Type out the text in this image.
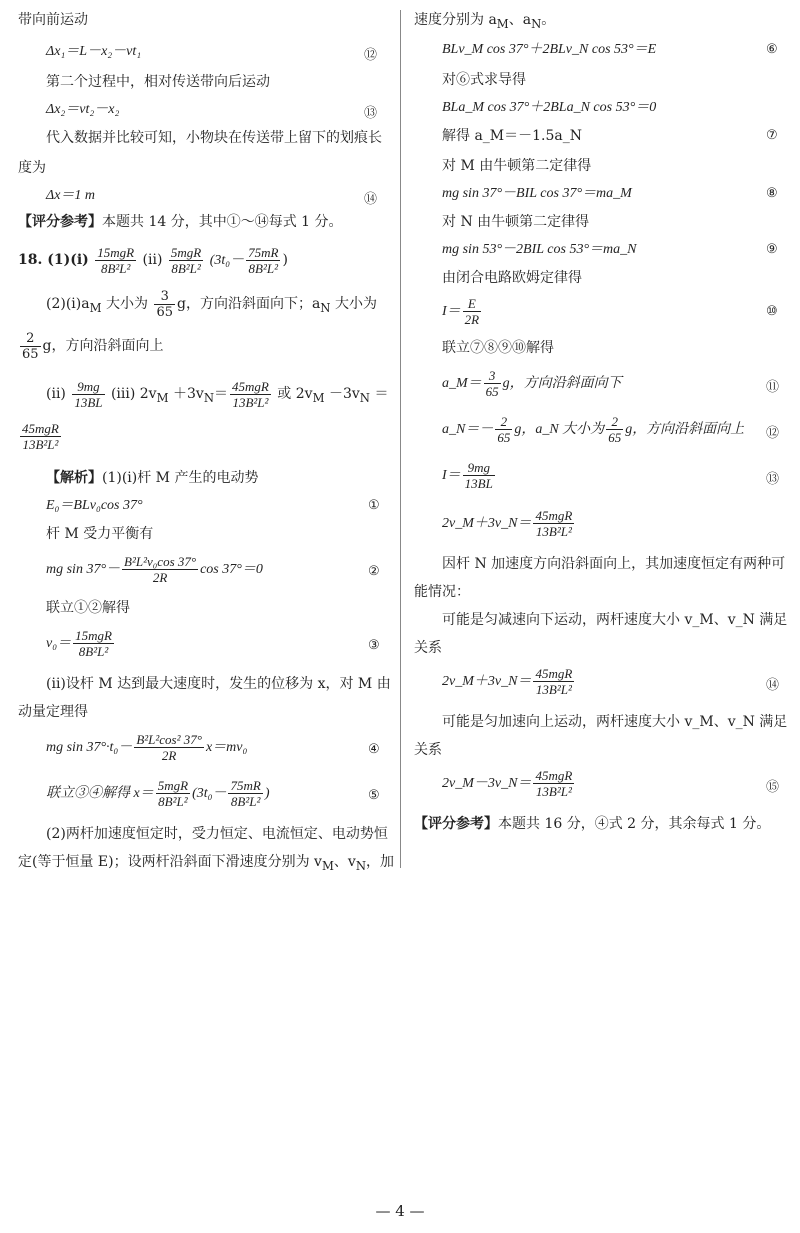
带向前运动
Δx₁＝L－x₂－vt₁	⑫
第二个过程中，相对传送带向后运动
Δx₂＝vt₂－x₂	⑬
代入数据并比较可知，小物块在传送带上留下的划痕长
度为
Δx＝1 m	⑭
【评分参考】本题共 14 分，其中①～⑭每式 1 分。
18. (1)(ⅰ) $\frac{\text{15mgR}}{\text{8B²L²}}$ (ⅱ) $\frac{\text{5mgR}}{\text{8B²L²}} (3t_0- \frac{75mR}{\text{8B²L²}}$ )
$(2)(ⅰ)a_M$ 大小为 $\frac{3}{65}$ g，方向沿斜面向下；$a_N$ 大小为
$\frac{2}{65}$ g，方向沿斜面向上
(ⅱ) $\frac{9mg}{13BL}$ (ⅲ) $2v_M +3v_N= \frac{\text{45mgR}}{\text{13B²L²}}$ 或 $2v_M -3v_N$ ＝
$\frac{\text{45mgR}}{\text{13B²L²}}$
【解析】(1)(ⅰ)杆 M 产生的电动势
E₀＝BLv₀cos 37°	①
杆 M 受力平衡有
mg $\sin 37^\circ- \frac{\text{B²L²v₀cos 37°}}{2R}$ cos 37°＝0	②
联立①②解得
$v_0= \frac{\text{15mgR}}{\text{8B²L²}}$	③
(ⅱ)设杆 M 达到最大速度时，发生的位移为 x，对 M 由
动量定理得
mg $\sin 37^\circ\cdot t_0- \frac{\text{B²L²cos² 37°}}{2R} x=mv_0$	④
联立③④解得 $x= \frac{\text{5mgR}}{\text{8B²L²}} (3t_0- \frac{75mR}{\text{8B²L²}}$ )	⑤
(2)两杆加速度恒定时，受力恒定、电流恒定、电动势恒
定(等于恒量 E)；设两杆沿斜面下滑速度分别为 $v_M$、$v_N$，加
速度分别为 $a_M$、$a_N$。
BLv_M cos 37°＋2BLv_N cos 53°＝E	⑥
对⑥式求导得
BLa_M cos 37°＋2BLa_N cos 53°＝0
解得 a_M＝－1.5a_N	⑦
对 M 由牛顿第二定律得
mg sin 37°－BIL cos 37°＝ma_M	⑧
对 N 由牛顿第二定律得
mg sin 53°－2BIL cos 53°＝ma_N	⑨
由闭合电路欧姆定律得
$I= \frac{E}{2R}$	⑩
联立⑦⑧⑨⑩解得
a_M＝ $\frac{3}{65}$ g，方向沿斜面向下	⑪
a_N＝－ $\frac{2}{65}$ g，a_N 大小为 $\frac{2}{65}$ g，方向沿斜面向上 ⑫
$I= \frac{9mg}{13BL}$	⑬
2v_M＋3v_N＝ $\frac{\text{45mgR}}{\text{13B²L²}}$
因杆 N 加速度方向沿斜面向上，其加速度恒定有两种可
能情况：
可能是匀减速向下运动，两杆速度大小 v_M、v_N 满足
关系
2v_M＋3v_N＝ $\frac{\text{45mgR}}{\text{13B²L²}}$	⑭
可能是匀加速向上运动，两杆速度大小 v_M、v_N 满足
关系
2v_M－3v_N＝ $\frac{\text{45mgR}}{\text{13B²L²}}$	⑮
【评分参考】本题共 16 分，④式 2 分，其余每式 1 分。
— 4 —
